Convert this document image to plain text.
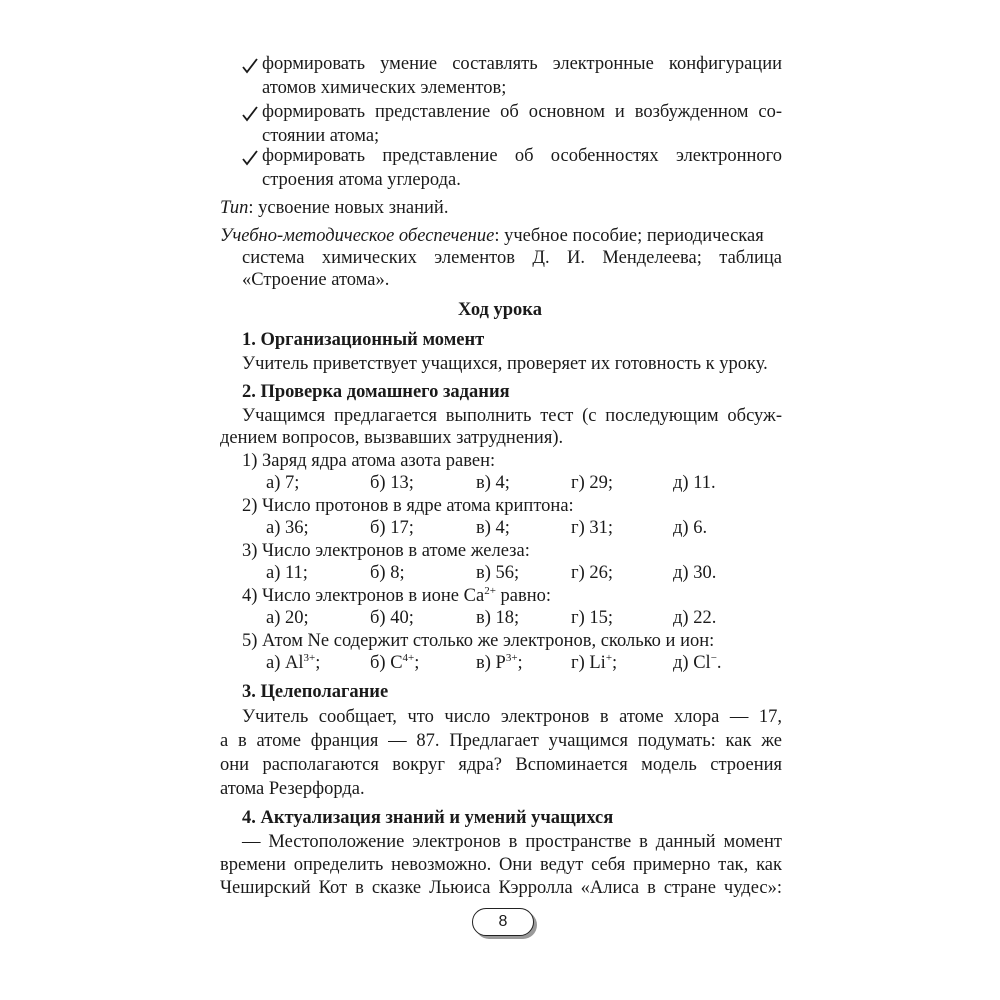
формировать умение составлять электронные конфигурации
атомов химических элементов;
формировать представление об основном и возбужденном со-
стоянии атома;
формировать представление об особенностях электронного
строения атома углерода.
Тип: усвоение новых знаний.
Учебно-методическое обеспечение: учебное пособие; периодическая
система химических элементов Д. И. Менделеева; таблица
«Строение атома».
Ход урока
1. Организационный момент
Учитель приветствует учащихся, проверяет их готовность к уроку.
2. Проверка домашнего задания
Учащимся предлагается выполнить тест (с последующим обсуж-
дением вопросов, вызвавших затруднения).
1) Заряд ядра атома азота равен:
а) 7;	б) 13;	в) 4;	г) 29;	д) 11.
2) Число протонов в ядре атома криптона:
а) 36;	б) 17;	в) 4;	г) 31;	д) 6.
3) Число электронов в атоме железа:
а) 11;	б) 8;	в) 56;	г) 26;	д) 30.
4) Число электронов в ионе $Ca^{2+}$ равно:
а) 20;	б) 40;	в) 18;	г) 15;	д) 22.
5) Атом Ne содержит столько же электронов, сколько и ион:
а) $Al^{3+}$;	б) $C^{4+}$;	в) $P^{3+}$;	г) Li+;	д) Cl−.
3. Целеполагание
Учитель сообщает, что число электронов в атоме хлора — 17,
а в атоме франция — 87. Предлагает учащимся подумать: как же
они располагаются вокруг ядра? Вспоминается модель строения
атома Резерфорда.
4. Актуализация знаний и умений учащихся
— Местоположение электронов в пространстве в данный момент
времени определить невозможно. Они ведут себя примерно так, как
Чеширский Кот в сказке Льюиса Кэрролла «Алиса в стране чудес»:
8
